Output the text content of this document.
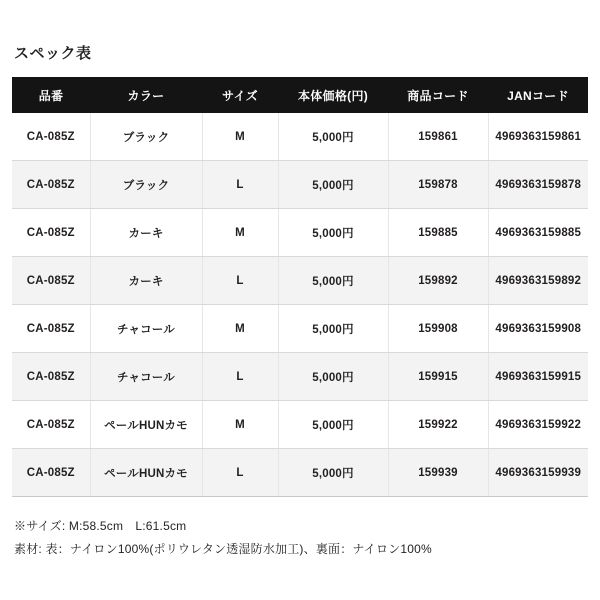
スペック表
品番	カラー	サイズ	本体価格(円)	商品コード	JANコード
CA-085Z	ブラック	M	5,000円	159861	4969363159861
CA-085Z	ブラック	L	5,000円	159878	4969363159878
CA-085Z	カーキ	M	5,000円	159885	4969363159885
CA-085Z	カーキ	L	5,000円	159892	4969363159892
CA-085Z	チャコール	M	5,000円	159908	4969363159908
CA-085Z	チャコール	L	5,000円	159915	4969363159915
CA-085Z	ペールHUNカモ	M	5,000円	159922	4969363159922
CA-085Z	ペールHUNカモ	L	5,000円	159939	4969363159939
※サイズ: M:58.5cm　L:61.5cm
素材: 表：ナイロン100%(ポリウレタン透湿防水加工)、裏面：ナイロン100%
